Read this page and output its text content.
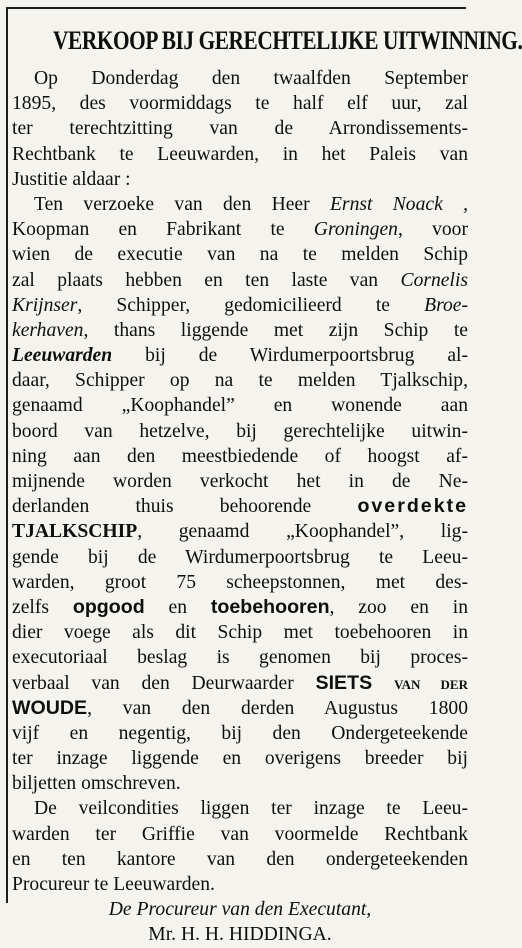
VERKOOP BIJ GERECHTELIJKE UITWINNING.
Op Donderdag den twaalfden September
1895, des voormiddags te half elf uur, zal
ter terechtzitting van de Arrondissements-
Rechtbank te Leeuwarden, in het Paleis van
Justitie aldaar :
Ten verzoeke van den Heer Ernst Noack ,
Koopman en Fabrikant te Groningen, voor
wien de executie van na te melden Schip
zal plaats hebben en ten laste van Cornelis
Krijnser, Schipper, gedomicilieerd te Broe-
kerhaven, thans liggende met zijn Schip te
Leeuwarden bij de Wirdumerpoortsbrug al-
daar, Schipper op na te melden Tjalkschip,
genaamd „Koophandel” en wonende aan
boord van hetzelve, bij gerechtelijke uitwin-
ning aan den meestbiedende of hoogst af-
mijnende worden verkocht het in de Ne-
derlanden thuis behoorende overdekte
TJALKSCHIP, genaamd „Koophandel”, lig-
gende bij de Wirdumerpoortsbrug te Leeu-
warden, groot 75 scheepstonnen, met des-
zelfs opgood en toebehooren, zoo en in
dier voege als dit Schip met toebehooren in
executoriaal beslag is genomen bij proces-
verbaal van den Deurwaarder SIETS VAN DER
WOUDE, van den derden Augustus 1800
vijf en negentig, bij den Ondergeteekende
ter inzage liggende en overigens breeder bij
biljetten omschreven.
De veilcondities liggen ter inzage te Leeu-
warden ter Griffie van voormelde Rechtbank
en ten kantore van den ondergeteekenden
Procureur te Leeuwarden.
De Procureur van den Executant,
Mr. H. H. HIDDINGA.
